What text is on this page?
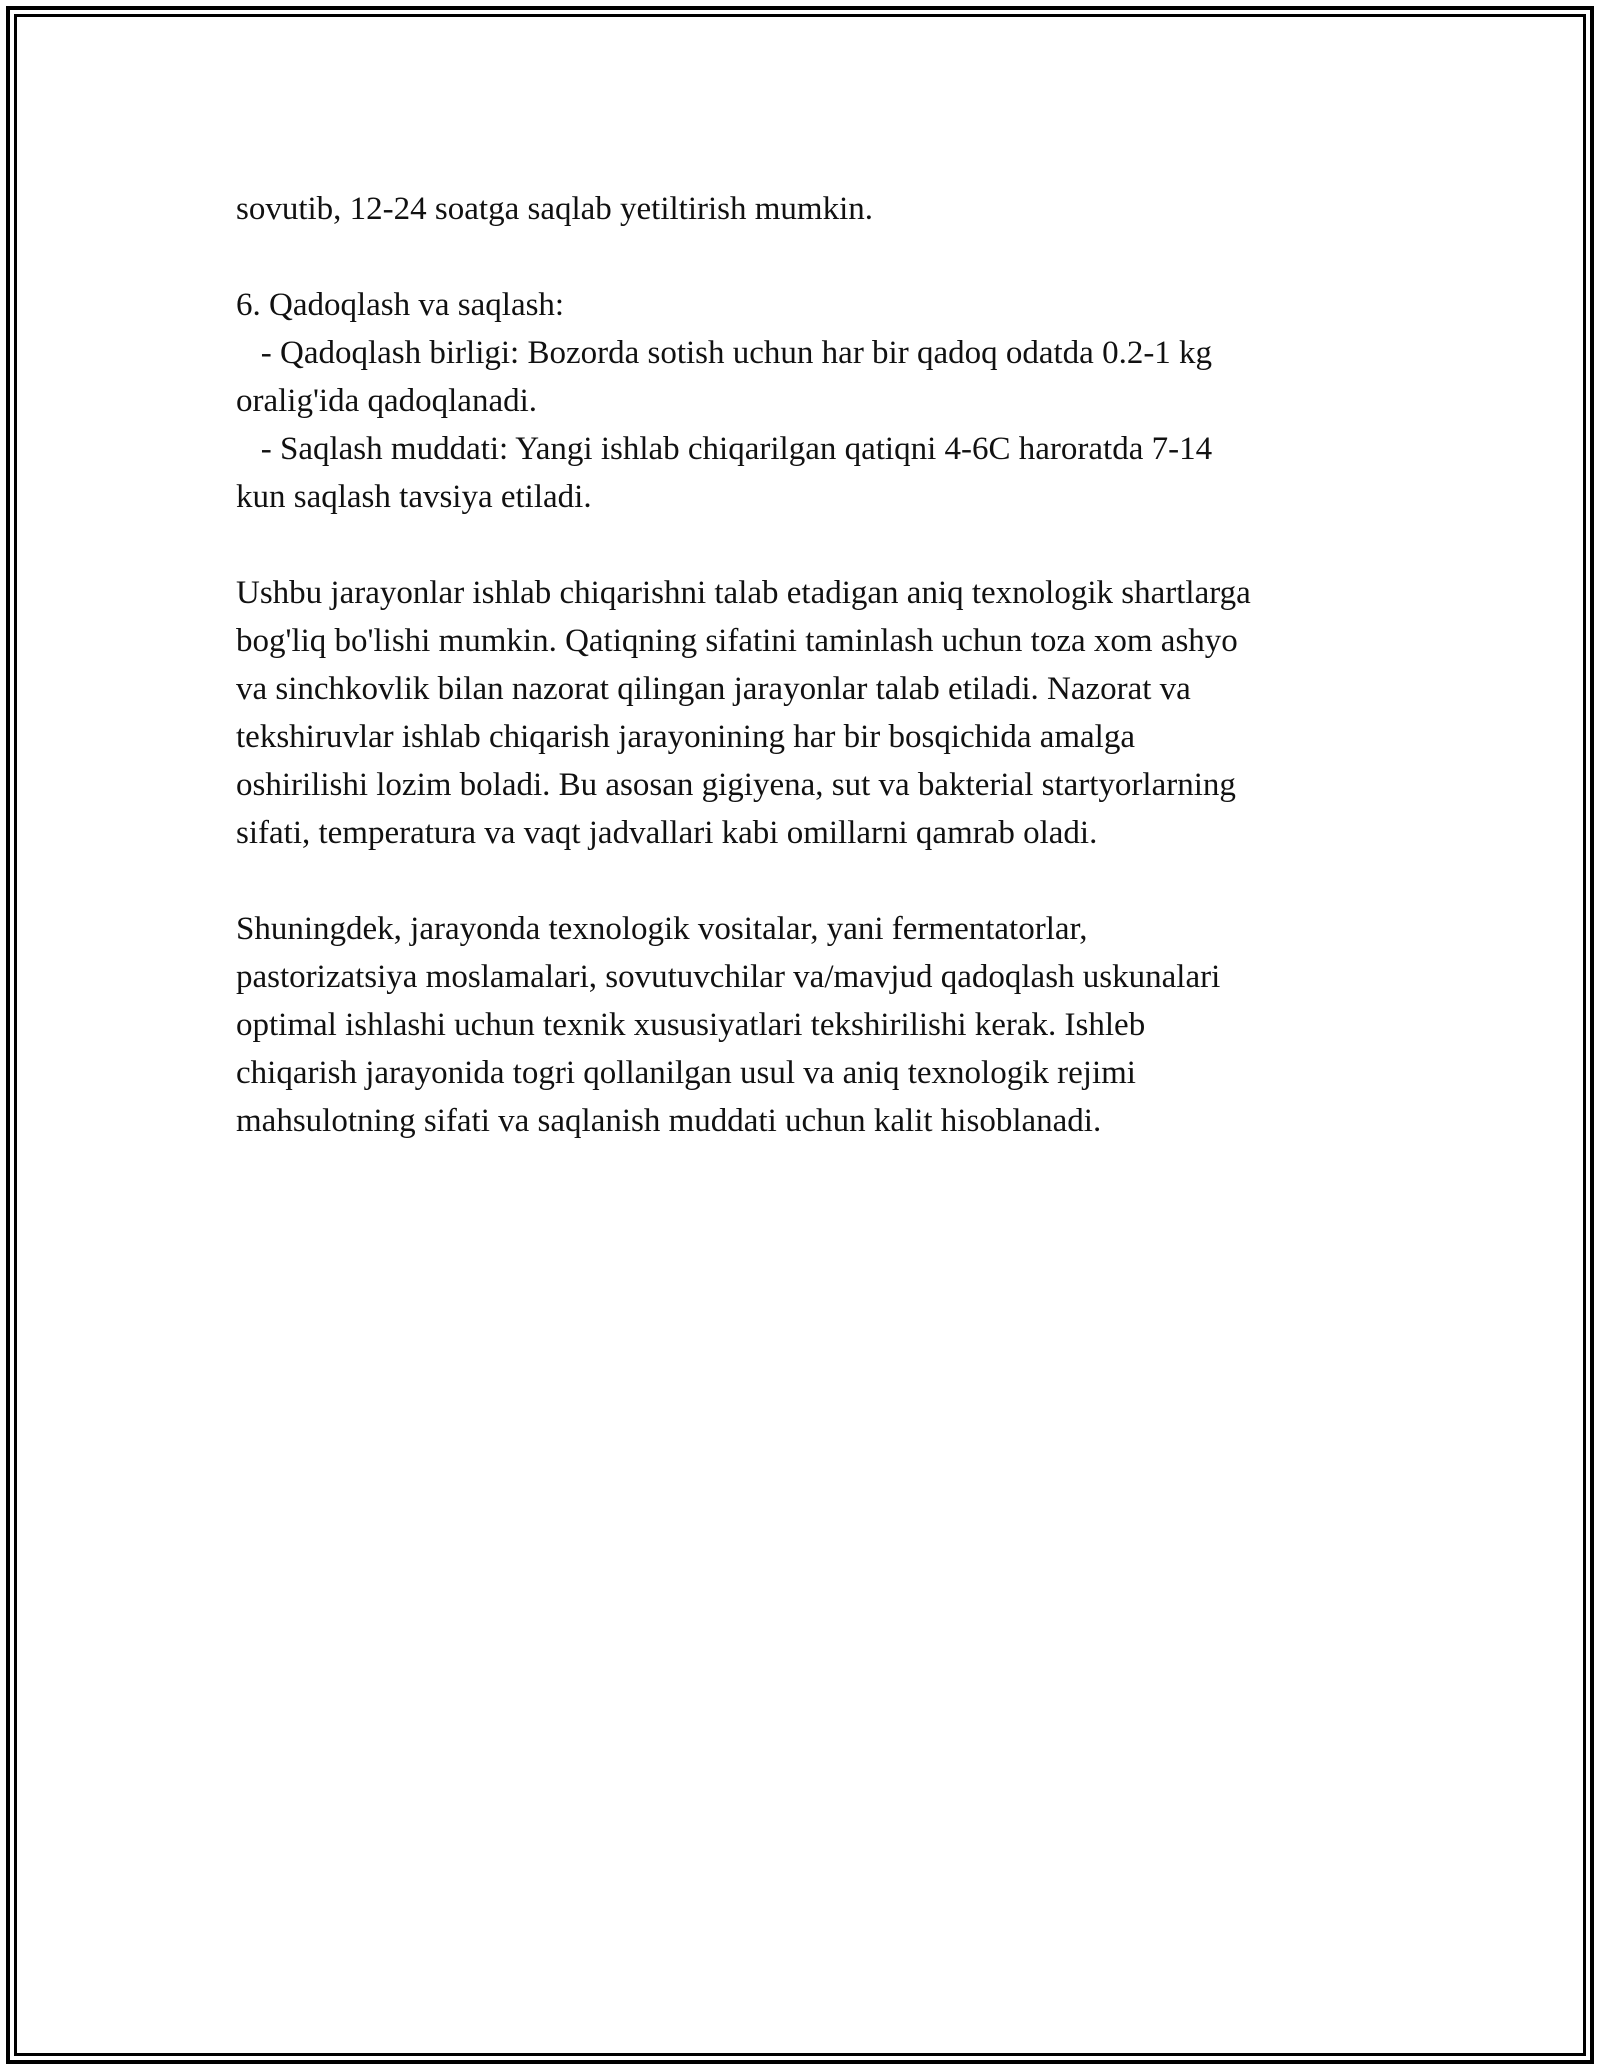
sovutib, 12-24 soatga saqlab yetiltirish mumkin.
6. Qadoqlash va saqlash:
- Qadoqlash birligi: Bozorda sotish uchun har bir qadoq odatda 0.2-1 kg
oralig'ida qadoqlanadi.
- Saqlash muddati: Yangi ishlab chiqarilgan qatiqni 4-6C haroratda 7-14
kun saqlash tavsiya etiladi.
Ushbu jarayonlar ishlab chiqarishni talab etadigan aniq texnologik shartlarga
bog'liq bo'lishi mumkin. Qatiqning sifatini taminlash uchun toza xom ashyo
va sinchkovlik bilan nazorat qilingan jarayonlar talab etiladi. Nazorat va
tekshiruvlar ishlab chiqarish jarayonining har bir bosqichida amalga
oshirilishi lozim boladi. Bu asosan gigiyena, sut va bakterial startyorlarning
sifati, temperatura va vaqt jadvallari kabi omillarni qamrab oladi.
Shuningdek, jarayonda texnologik vositalar, yani fermentatorlar,
pastorizatsiya moslamalari, sovutuvchilar va/mavjud qadoqlash uskunalari
optimal ishlashi uchun texnik xususiyatlari tekshirilishi kerak. Ishleb
chiqarish jarayonida togri qollanilgan usul va aniq texnologik rejimi
mahsulotning sifati va saqlanish muddati uchun kalit hisoblanadi.
